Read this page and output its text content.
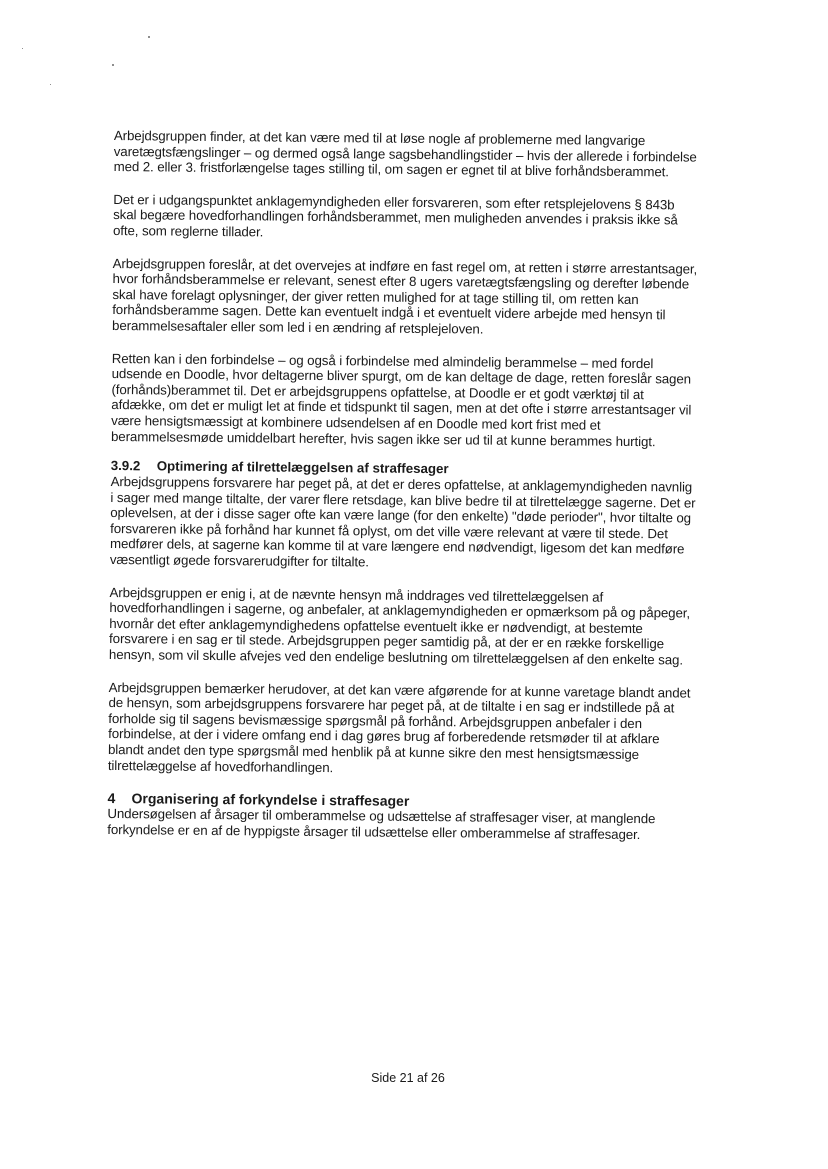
Arbejdsgruppen finder, at det kan være med til at løse nogle af problemerne med langvarige varetægtsfængslinger – og dermed også lange sagsbehandlingstider – hvis der allerede i forbindelse med 2. eller 3. fristforlængelse tages stilling til, om sagen er egnet til at blive forhåndsberammet.

Det er i udgangspunktet anklagemyndigheden eller forsvareren, som efter retsplejelovens § 843b skal begære hovedforhandlingen forhåndsberammet, men muligheden anvendes i praksis ikke så ofte, som reglerne tillader.

Arbejdsgruppen foreslår, at det overvejes at indføre en fast regel om, at retten i større arrestantsager, hvor forhåndsberammelse er relevant, senest efter 8 ugers varetægtsfængsling og derefter løbende skal have forelagt oplysninger, der giver retten mulighed for at tage stilling til, om retten kan forhåndsberamme sagen. Dette kan eventuelt indgå i et eventuelt videre arbejde med hensyn til berammelsesaftaler eller som led i en ændring af retsplejeloven.

Retten kan i den forbindelse – og også i forbindelse med almindelig berammelse – med fordel udsende en Doodle, hvor deltagerne bliver spurgt, om de kan deltage de dage, retten foreslår sagen (forhånds)berammet til. Det er arbejdsgruppens opfattelse, at Doodle er et godt værktøj til at afdække, om det er muligt let at finde et tidspunkt til sagen, men at det ofte i større arrestantsager vil være hensigtsmæssigt at kombinere udsendelsen af en Doodle med kort frist med et berammelsesmøde umiddelbart herefter, hvis sagen ikke ser ud til at kunne berammes hurtigt.

3.9.2	Optimering af tilrettelæggelsen af straffesager

Arbejdsgruppens forsvarere har peget på, at det er deres opfattelse, at anklagemyndigheden navnlig i sager med mange tiltalte, der varer flere retsdage, kan blive bedre til at tilrettelægge sagerne. Det er oplevelsen, at der i disse sager ofte kan være lange (for den enkelte) "døde perioder", hvor tiltalte og forsvareren ikke på forhånd har kunnet få oplyst, om det ville være relevant at være til stede. Det medfører dels, at sagerne kan komme til at vare længere end nødvendigt, ligesom det kan medføre væsentligt øgede forsvarerudgifter for tiltalte.

Arbejdsgruppen er enig i, at de nævnte hensyn må inddrages ved tilrettelæggelsen af hovedforhandlingen i sagerne, og anbefaler, at anklagemyndigheden er opmærksom på og påpeger, hvornår det efter anklagemyndighedens opfattelse eventuelt ikke er nødvendigt, at bestemte forsvarere i en sag er til stede. Arbejdsgruppen peger samtidig på, at der er en række forskellige hensyn, som vil skulle afvejes ved den endelige beslutning om tilrettelæggelsen af den enkelte sag.

Arbejdsgruppen bemærker herudover, at det kan være afgørende for at kunne varetage blandt andet de hensyn, som arbejdsgruppens forsvarere har peget på, at de tiltalte i en sag er indstillede på at forholde sig til sagens bevismæssige spørgsmål på forhånd. Arbejdsgruppen anbefaler i den forbindelse, at der i videre omfang end i dag gøres brug af forberedende retsmøder til at afklare blandt andet den type spørgsmål med henblik på at kunne sikre den mest hensigtsmæssige tilrettelæggelse af hovedforhandlingen.

4	Organisering af forkyndelse i straffesager

Undersøgelsen af årsager til omberammelse og udsættelse af straffesager viser, at manglende forkyndelse er en af de hyppigste årsager til udsættelse eller omberammelse af straffesager.

Side 21 af 26
